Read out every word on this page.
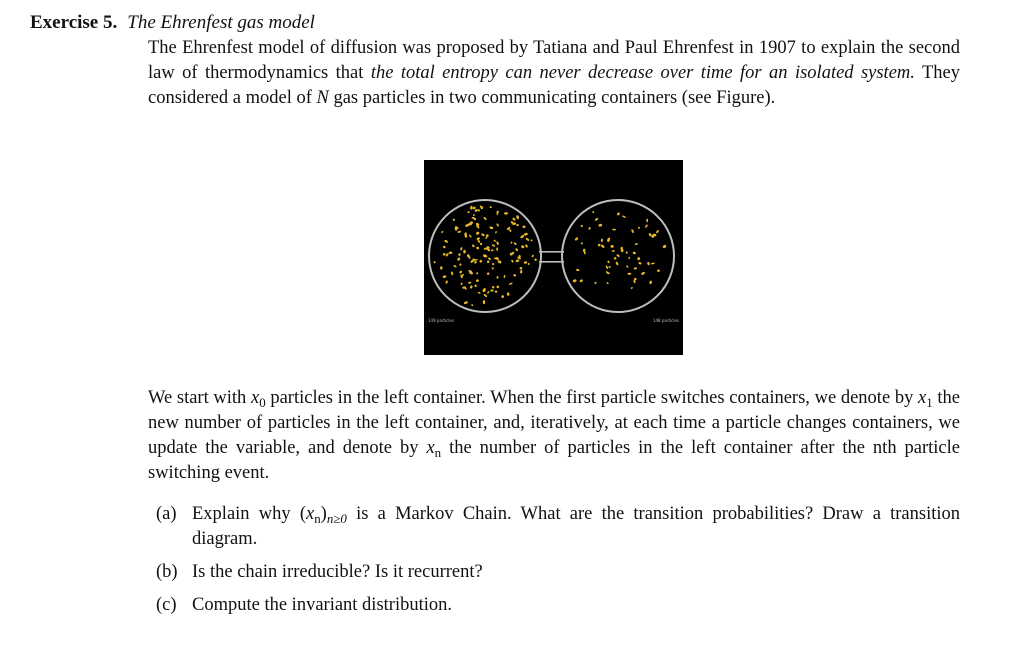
Exercise 5. The Ehrenfest gas model

The Ehrenfest model of diffusion was proposed by Tatiana and Paul Ehrenfest in 1907 to explain the second law of thermodynamics that the total entropy can never decrease over time for an isolated system. They considered a model of N gas particles in two communicating containers (see Figure).

149 particles	148 particles

We start with $x_0$ particles in the left container. When the first particle switches containers, we denote by $x_1$ the new number of particles in the left container, and, iteratively, at each time a particle changes containers, we update the variable, and denote by $x_n$ the number of particles in the left container after the nth particle switching event.

(a) Explain why $(x_n)_{n\ge 0}$ is a Markov Chain. What are the transition probabilities? Draw a transition diagram.
(b) Is the chain irreducible? Is it recurrent?
(c) Compute the invariant distribution.
